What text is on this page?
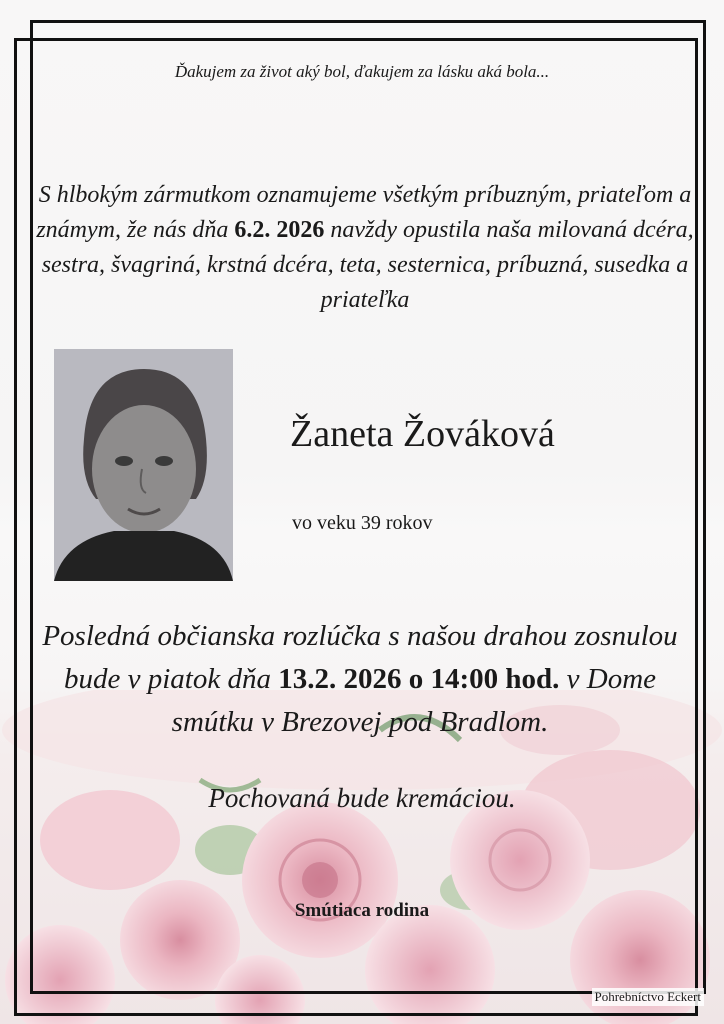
Ďakujem za život aký bol, ďakujem za lásku aká bola...
S hlbokým zármutkom oznamujeme všetkým príbuzným, priateľom a známym, že nás dňa 6.2. 2026 navždy opustila naša milovaná dcéra, sestra, švagriná, krstná dcéra, teta, sesternica, príbuzná, susedka a priateľka
Žaneta Žováková
vo veku 39 rokov
Posledná občianska rozlúčka s našou drahou zosnulou bude v piatok dňa 13.2. 2026 o 14:00 hod. v Dome smútku v Brezovej pod Bradlom.
Pochovaná bude kremáciou.
Smútiaca rodina
Pohrebníctvo Eckert
